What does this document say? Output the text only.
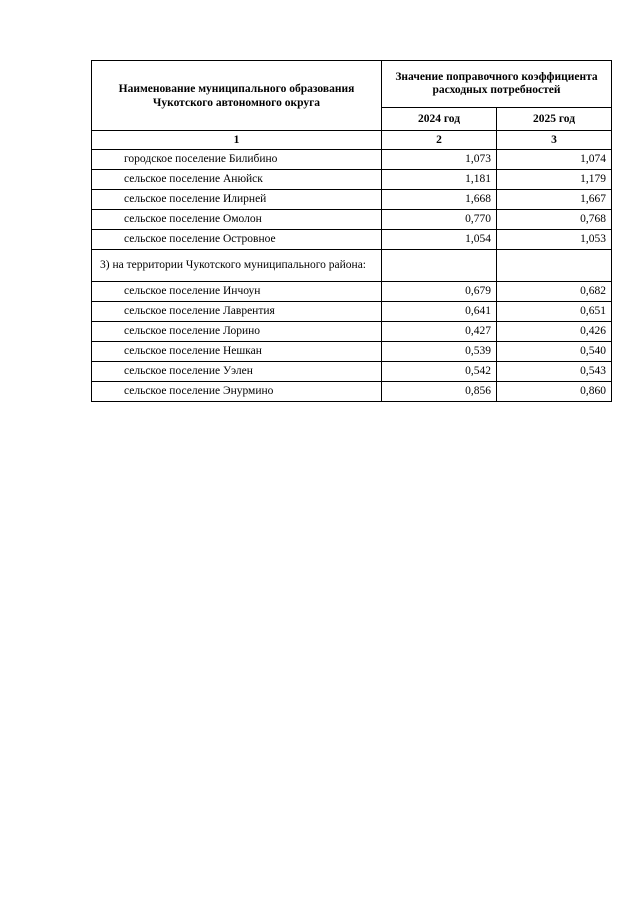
Наименование муниципального образования Чукотского автономного округа	Значение поправочного коэффициента расходных потребностей	
	2024 год	2025 год
1	2	3
городское поселение Билибино	1,073	1,074
сельское поселение Анюйск	1,181	1,179
сельское поселение Илирней	1,668	1,667
сельское поселение Омолон	0,770	0,768
сельское поселение Островное	1,054	1,053

3) на территории Чукотского муниципального района:		

сельское поселение Инчоун	0,679	0,682
сельское поселение Лаврентия	0,641	0,651
сельское поселение Лорино	0,427	0,426
сельское поселение Нешкан	0,539	0,540
сельское поселение Уэлен	0,542	0,543
сельское поселение Энурмино	0,856	0,860
